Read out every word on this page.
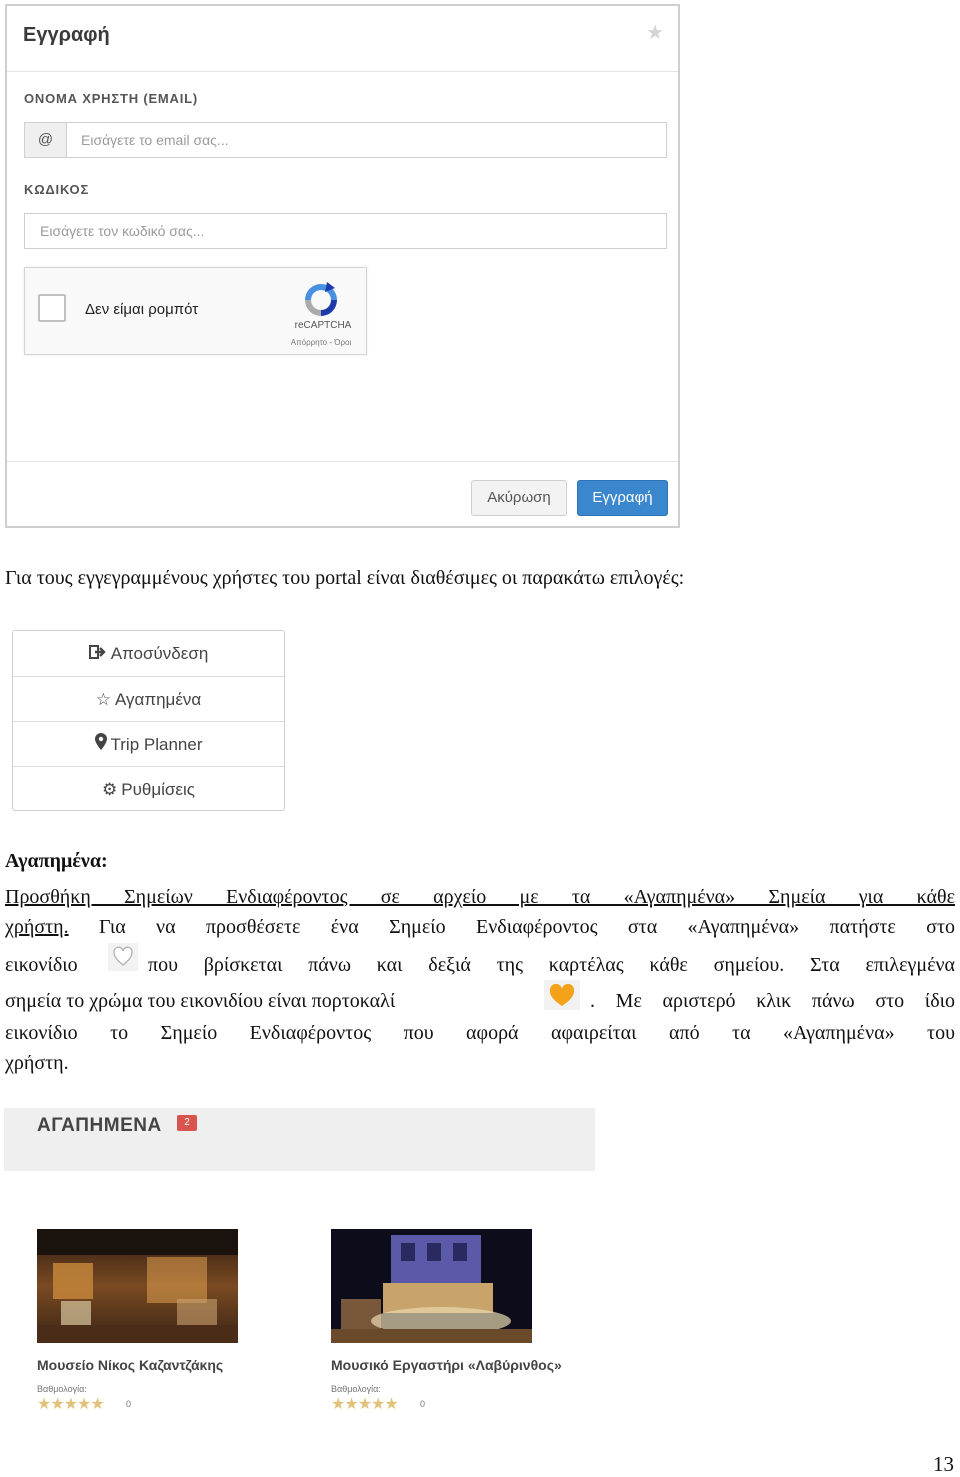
Εγγραφή	★
ΟΝΟΜΑ ΧΡΗΣΤΗ (EMAIL)
@	Εισάγετε το email σας...
ΚΩΔΙΚΟΣ
Εισάγετε τον κωδικό σας...
Δεν είμαι ρομπότ
reCAPTCHA
Απόρρητο - Όροι
Ακύρωση	Εγγραφή
Για τους εγγεγραμμένους χρήστες του portal είναι διαθέσιμες οι παρακάτω επιλογές:
Αποσύνδεση
☆ Αγαπημένα
Trip Planner
⚙ Ρυθμίσεις
Αγαπημένα:
Προσθήκη Σημείων Ενδιαφέροντος σε αρχείο με τα «Αγαπημένα» Σημεία για κάθε
χρήστη. Για να προσθέσετε ένα Σημείο Ενδιαφέροντος στα «Αγαπημένα» πατήστε στο
εικονίδιο	που βρίσκεται πάνω και δεξιά της καρτέλας κάθε σημείου. Στα επιλεγμένα
σημεία το χρώμα του εικονιδίου είναι πορτοκαλί	. Με αριστερό κλικ πάνω στο ίδιο
εικονίδιο το Σημείο Ενδιαφέροντος που αφορά αφαιρείται από τα «Αγαπημένα» του
χρήστη.
ΑΓΑΠΗΜΕΝΑ	2
Μουσείο Νίκος Καζαντζάκης
Βαθμολογία:
★★★★★ 0
Μουσικό Εργαστήρι «Λαβύρινθος»
Βαθμολογία:
★★★★★ 0
13
